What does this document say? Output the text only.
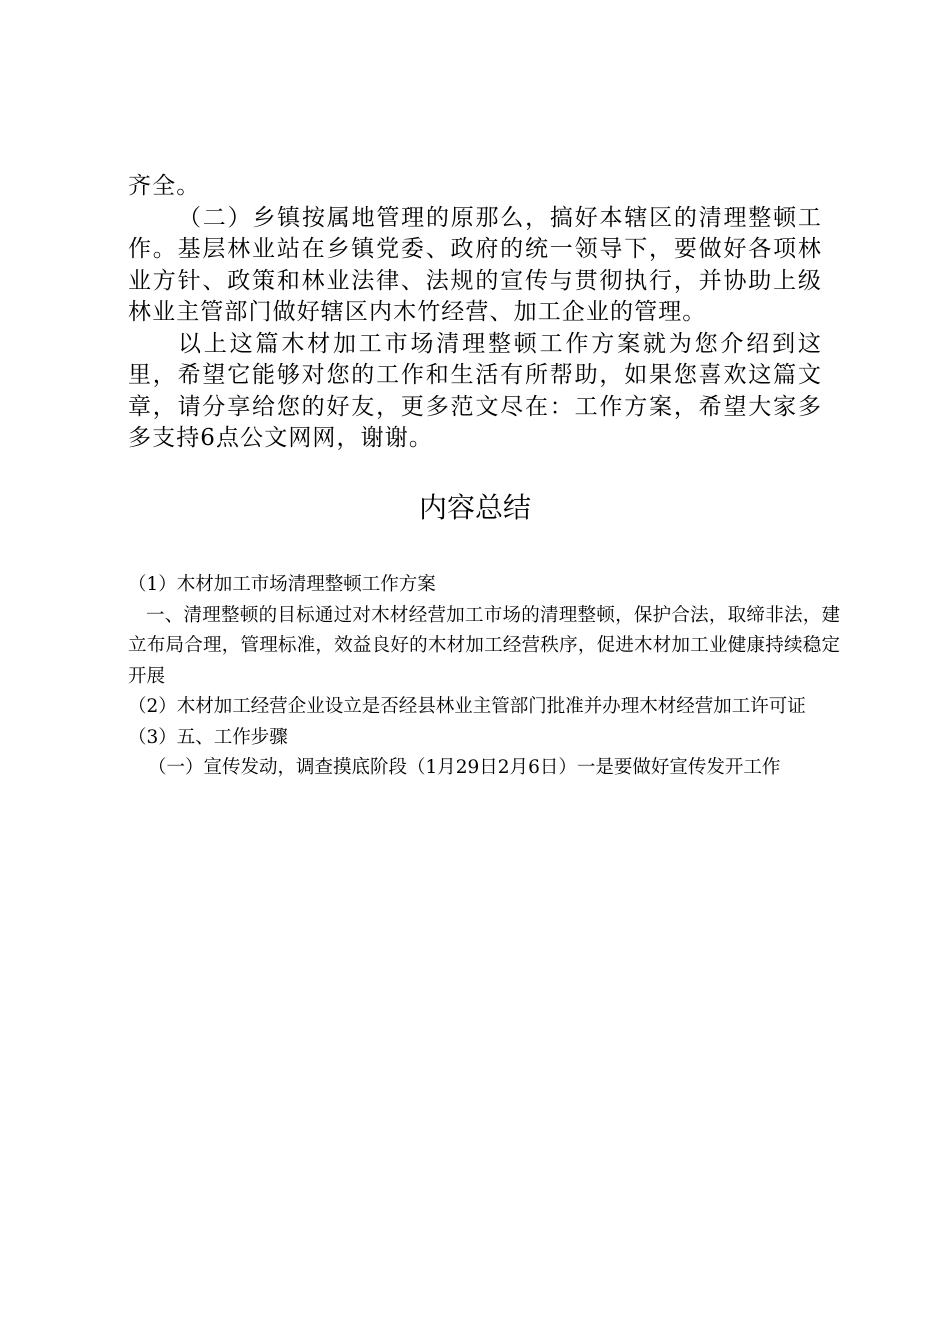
齐全。

（二）乡镇按属地管理的原那么，搞好本辖区的清理整顿工作。基层林业站在乡镇党委、政府的统一领导下，要做好各项林业方针、政策和林业法律、法规的宣传与贯彻执行，并协助上级林业主管部门做好辖区内木竹经营、加工企业的管理。

以上这篇木材加工市场清理整顿工作方案就为您介绍到这里，希望它能够对您的工作和生活有所帮助，如果您喜欢这篇文章，请分享给您的好友，更多范文尽在：工作方案，希望大家多多支持6点公文网网，谢谢。

内容总结

（1）木材加工市场清理整顿工作方案

一、清理整顿的目标通过对木材经营加工市场的清理整顿，保护合法，取缔非法，建立布局合理，管理标准，效益良好的木材加工经营秩序，促进木材加工业健康持续稳定开展

（2）木材加工经营企业设立是否经县林业主管部门批准并办理木材经营加工许可证

（3）五、工作步骤

（一）宣传发动，调查摸底阶段（1月29日2月6日）一是要做好宣传发开工作
